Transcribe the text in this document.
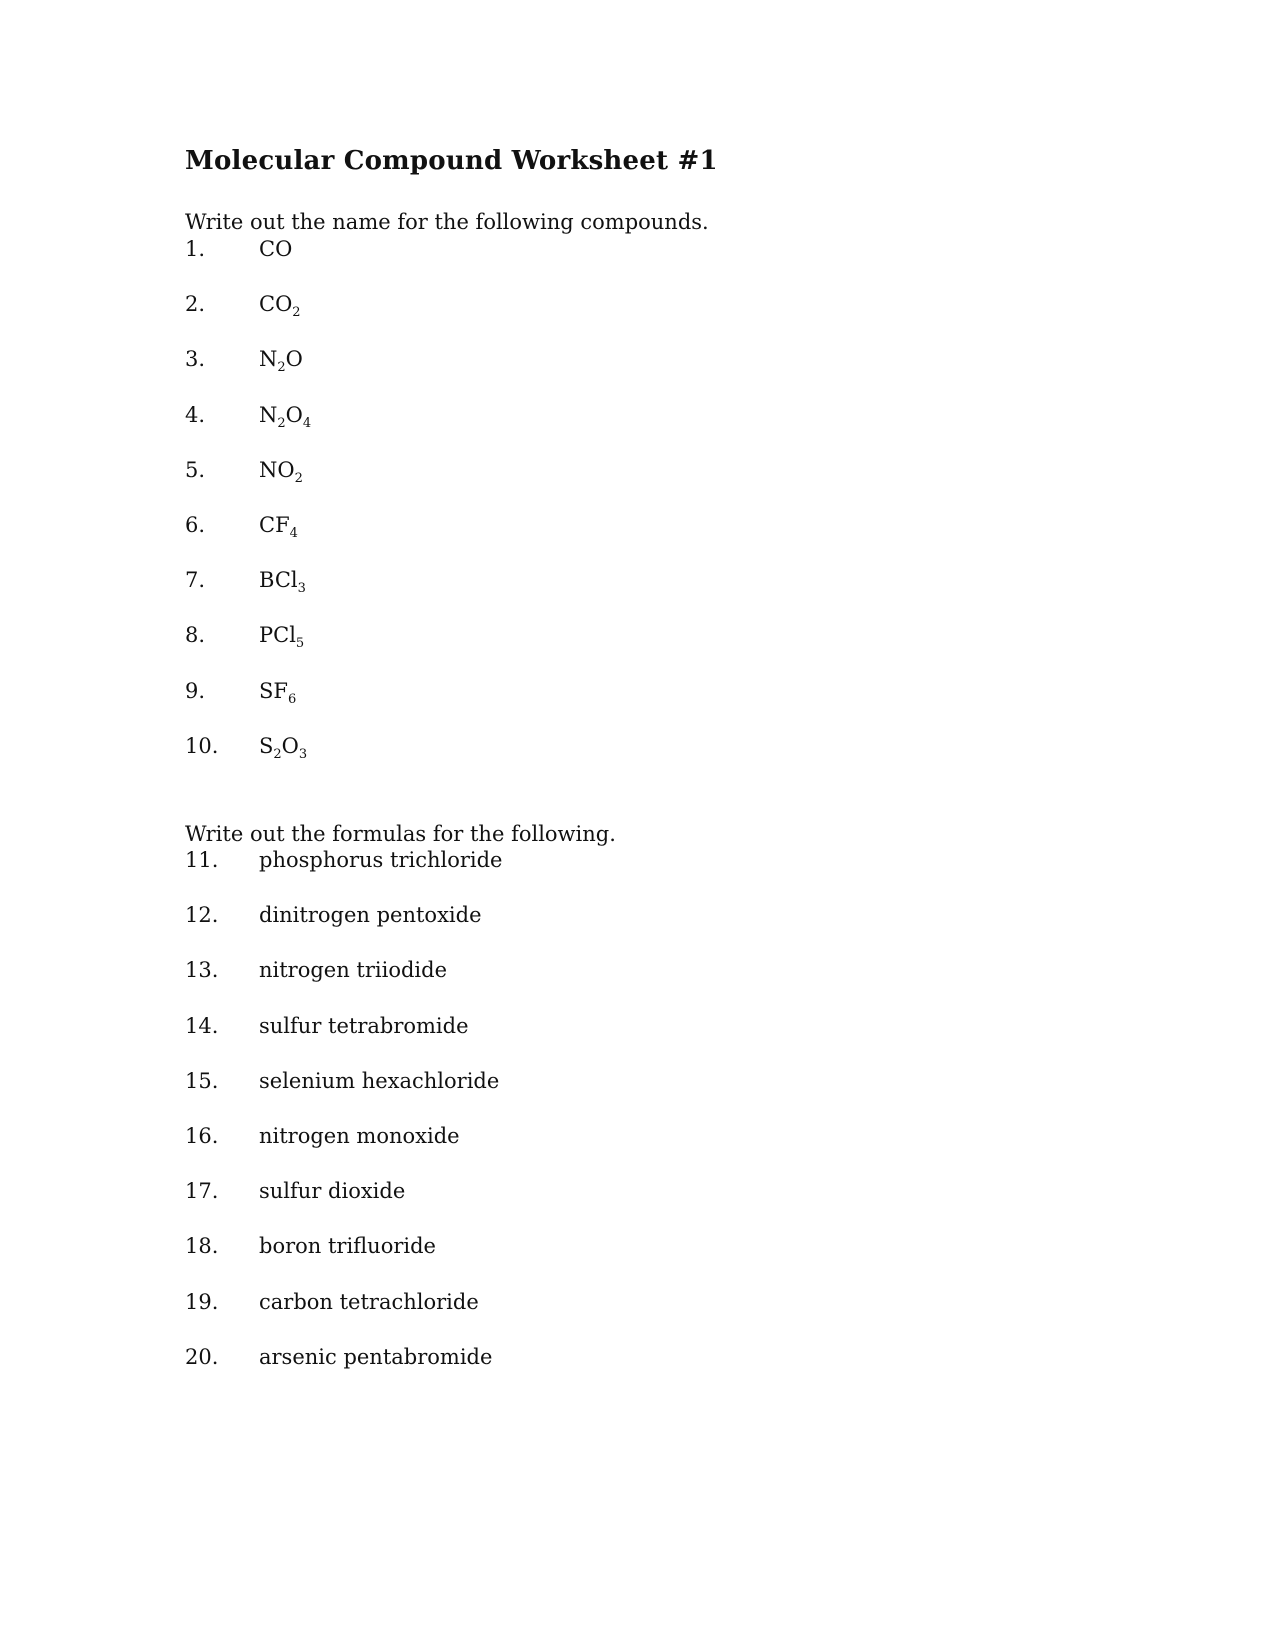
Molecular Compound Worksheet #1
Write out the name for the following compounds.
1.	CO
2.	$CO_2$
3.	$N_2O$
4.	$N_2O_4$
5.	$NO_2$
6.	$CF_4$
7.	BCl$_3$
8.	PCl$_5$
9.	$SF_6$
10. $S_2O_3$
Write out the formulas for the following.
11. phosphorus trichloride
12. dinitrogen pentoxide
13. nitrogen triiodide
14. sulfur tetrabromide
15. selenium hexachloride
16. nitrogen monoxide
17. sulfur dioxide
18. boron trifluoride
19. carbon tetrachloride
20. arsenic pentabromide
